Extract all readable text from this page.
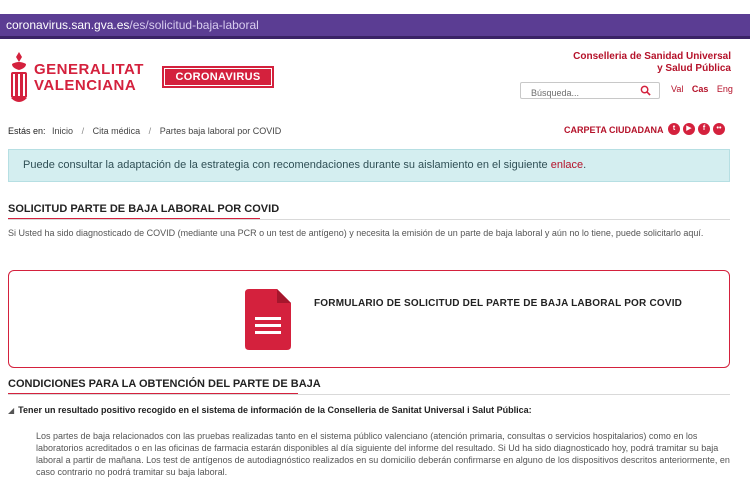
coronavirus.san.gva.es/es/solicitud-baja-laboral
GENERALITAT
VALENCIANA	CORONAVIRUS
Conselleria de Sanidad Universal
y Salud Pública
Búsqueda...
Val Cas Eng
Estás en: Inicio / Cita médica / Partes baja laboral por COVID	CARPETA CIUDADANA	t	▶	f	••
Puede consultar la adaptación de la estrategia con recomendaciones durante su aislamiento en el siguiente enlace.
SOLICITUD PARTE DE BAJA LABORAL POR COVID
Si Usted ha sido diagnosticado de COVID (mediante una PCR o un test de antígeno) y necesita la emisión de un parte de baja laboral y aún no lo tiene, puede solicitarlo aquí.
FORMULARIO DE SOLICITUD DEL PARTE DE BAJA LABORAL POR COVID
CONDICIONES PARA LA OBTENCIÓN DEL PARTE DE BAJA
◢ Tener un resultado positivo recogido en el sistema de información de la Conselleria de Sanitat Universal i Salut Pública:
Los partes de baja relacionados con las pruebas realizadas tanto en el sistema público valenciano (atención primaria, consultas o servicios hospitalarios) como en los laboratorios acreditados o en las oficinas de farmacia estarán disponibles al día siguiente del informe del resultado. Si Ud ha sido diagnosticado hoy, podrá tramitar su baja laboral a partir de mañana. Los test de antígenos de autodiagnóstico realizados en su domicilio deberán confirmarse en alguno de los dispositivos descritos anteriormente, en caso contrario no podrá tramitar su baja laboral.
